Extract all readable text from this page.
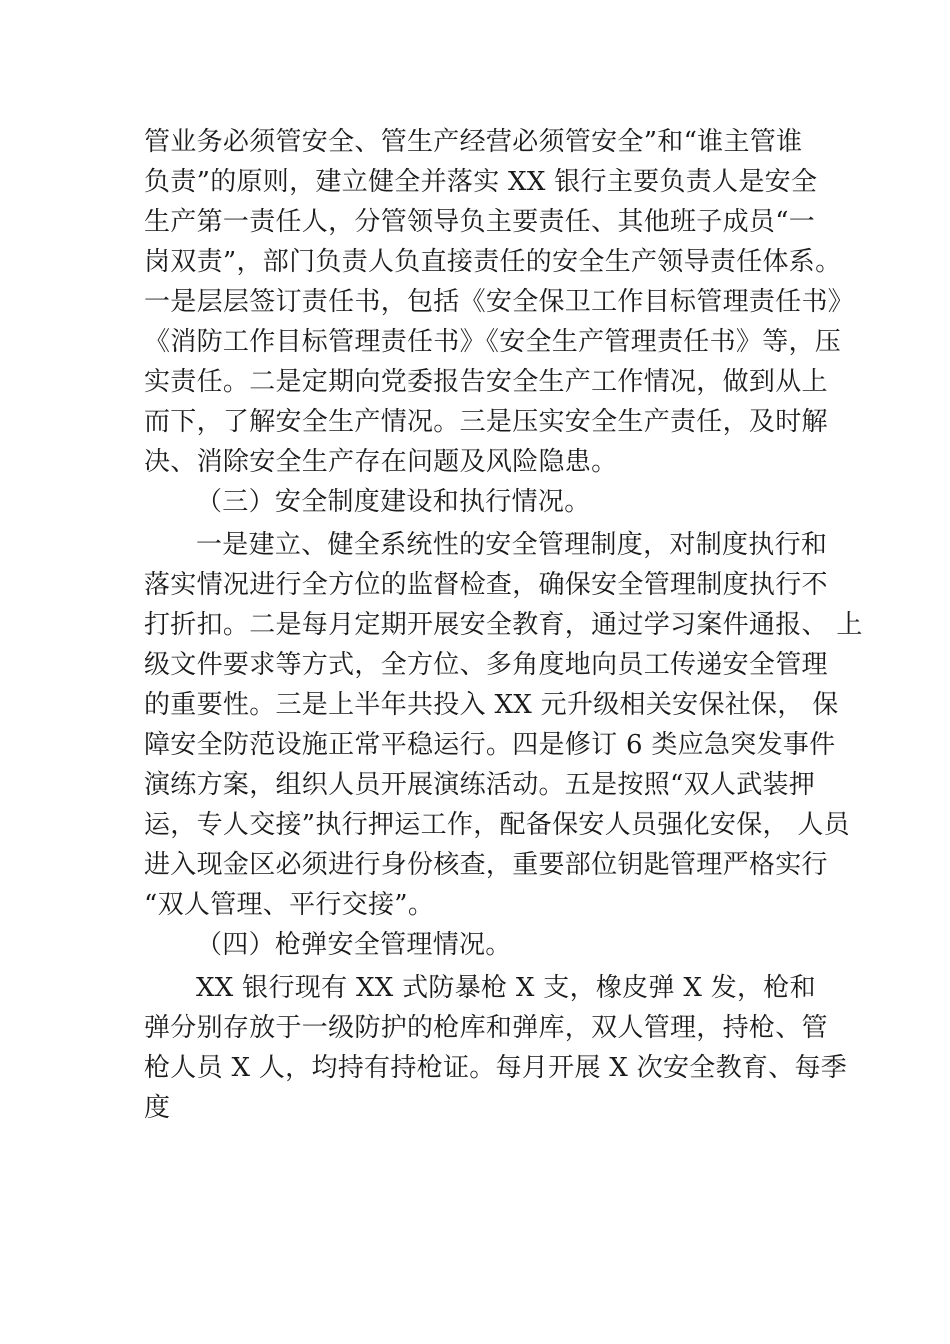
管业务必须管安全、管生产经营必须管安全”和“谁主管谁
负责”的原则，建立健全并落实 XX 银行主要负责人是安全
生产第一责任人，分管领导负主要责任、其他班子成员“一
岗双责”，部门负责人负直接责任的安全生产领导责任体系。
一是层层签订责任书，包括《安全保卫工作目标管理责任书》
《消防工作目标管理责任书》《安全生产管理责任书》等，压
实责任。二是定期向党委报告安全生产工作情况，做到从上
而下，了解安全生产情况。三是压实安全生产责任，及时解
决、消除安全生产存在问题及风险隐患。
（三）安全制度建设和执行情况。
一是建立、健全系统性的安全管理制度，对制度执行和
落实情况进行全方位的监督检查，确保安全管理制度执行不
打折扣。二是每月定期开展安全教育，通过学习案件通报、 上
级文件要求等方式，全方位、多角度地向员工传递安全管理
的重要性。三是上半年共投入 XX 元升级相关安保社保， 保
障安全防范设施正常平稳运行。四是修订 6 类应急突发事件
演练方案，组织人员开展演练活动。五是按照“双人武装押
运，专人交接”执行押运工作，配备保安人员强化安保， 人员
进入现金区必须进行身份核查，重要部位钥匙管理严格实行
“双人管理、平行交接”。
（四）枪弹安全管理情况。
XX 银行现有 XX 式防暴枪 X 支，橡皮弹 X 发，枪和
弹分别存放于一级防护的枪库和弹库，双人管理，持枪、管
枪人员 X 人，均持有持枪证。每月开展 X 次安全教育、每季
度
